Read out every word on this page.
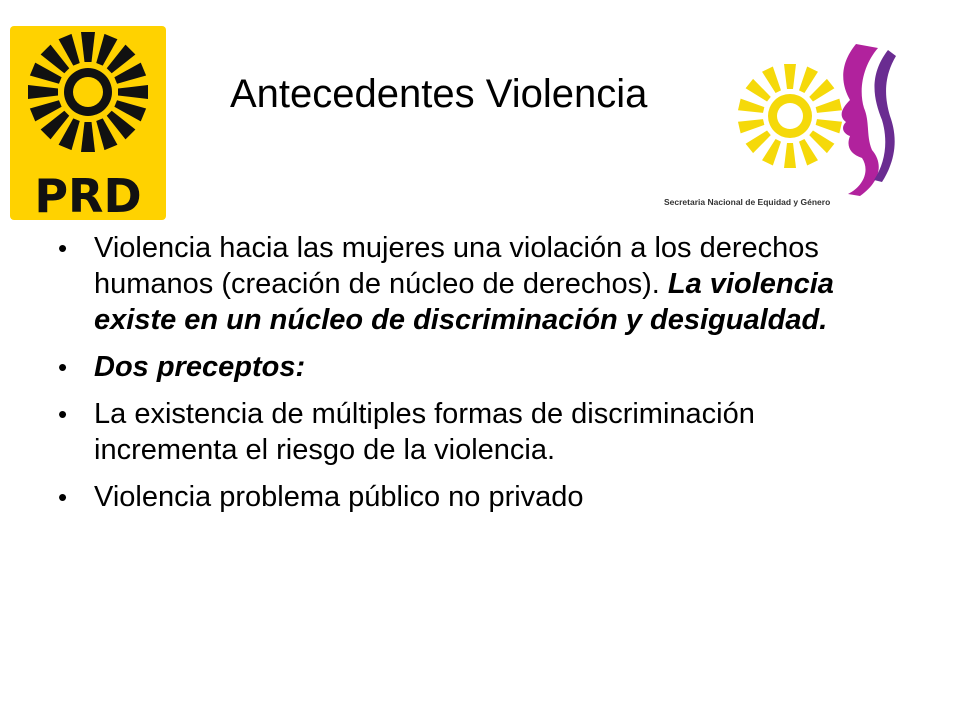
PRD
Antecedentes Violencia
Secretaria Nacional de Equidad y Género
• Violencia hacia las mujeres una violación a los derechos humanos (creación de núcleo de derechos). La violencia existe en un núcleo de discriminación y desigualdad.
• Dos preceptos:
• La existencia de múltiples formas de discriminación incrementa el riesgo de la violencia.
• Violencia problema público no privado
